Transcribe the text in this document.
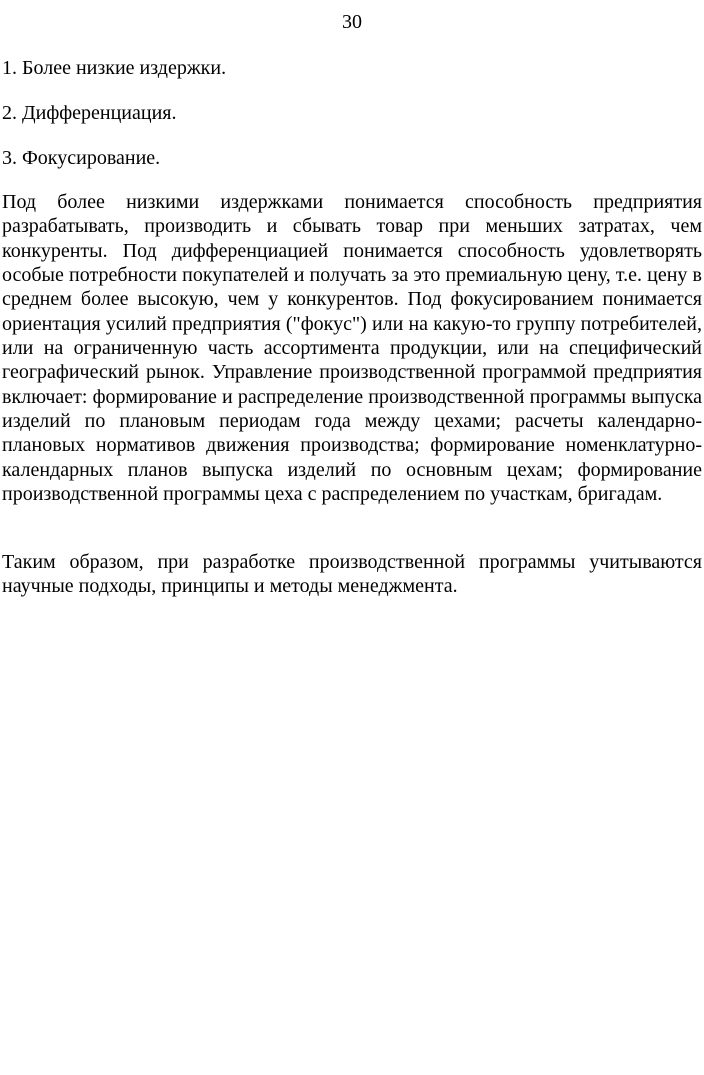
30
1. Более низкие издержки.
2. Дифференциация.
3. Фокусирование.

Под более низкими издержками понимается способность предприятия разрабатывать, производить и сбывать товар при меньших затратах, чем конкуренты. Под дифференциацией понимается способность удовлетворять особые потребности покупателей и получать за это премиальную цену, т.е. цену в среднем более высокую, чем у конкурентов. Под фокусированием понимается ориентация усилий предприятия ("фокус") или на какую-то группу потребителей, или на ограниченную часть ассортимента продукции, или на специфический географический рынок. Управление производственной программой предприятия включает: формирование и распределение производственной программы выпуска изделий по плановым периодам года между цехами; расчеты календарно-плановых нормативов движения производства; формирование номенклатурно-календарных планов выпуска изделий по основным цехам; формирование производственной программы цеха с распределением по участкам, бригадам.

Таким образом, при разработке производственной программы учитываются научные подходы, принципы и методы менеджмента.
